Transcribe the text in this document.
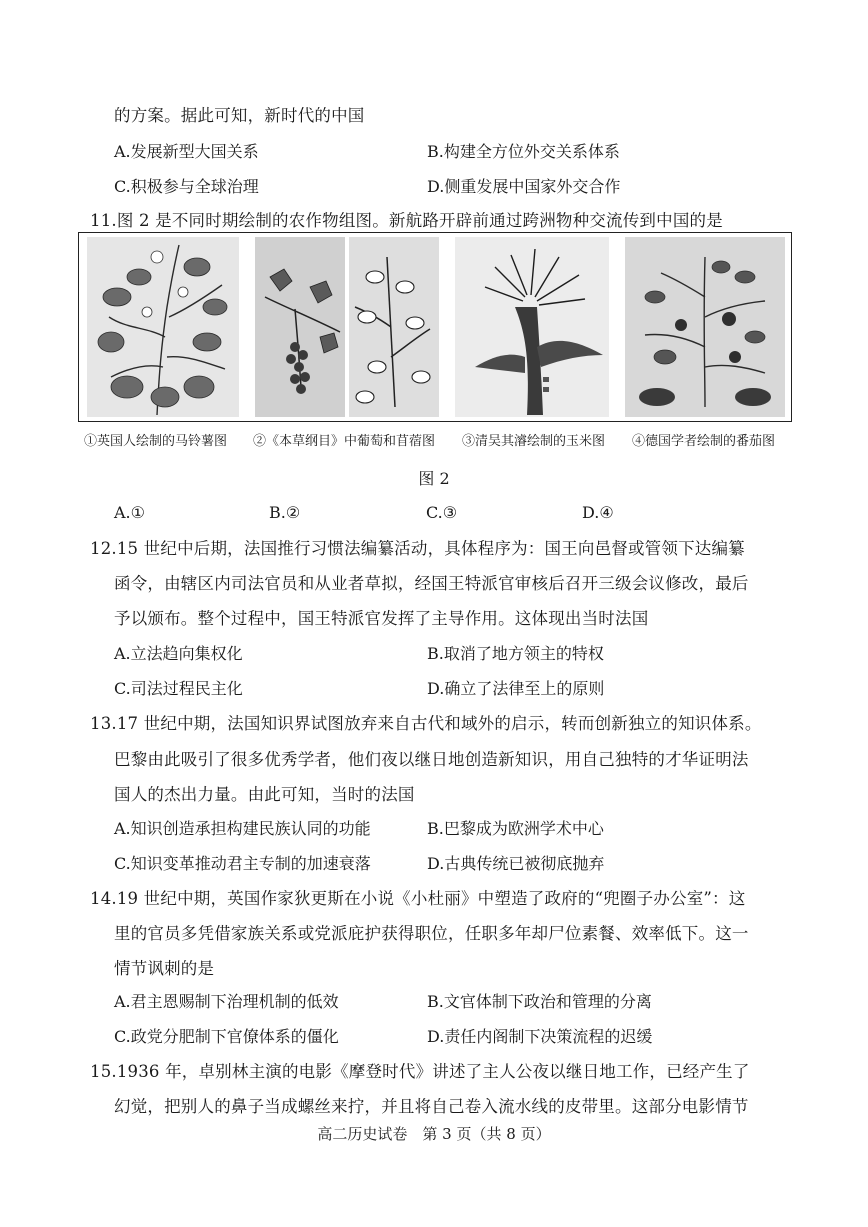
的方案。据此可知，新时代的中国
A.发展新型大国关系	B.构建全方位外交关系体系
C.积极参与全球治理	D.侧重发展中国家外交合作
11.图 2 是不同时期绘制的农作物组图。新航路开辟前通过跨洲物种交流传到中国的是
①英国人绘制的马铃薯图 ②《本草纲目》中葡萄和苜蓿图 ③清吴其濬绘制的玉米图 ④德国学者绘制的番茄图
图 2
A.①	B.②	C.③	D.④
12.15 世纪中后期，法国推行习惯法编纂活动，具体程序为：国王向邑督或管领下达编纂
函令，由辖区内司法官员和从业者草拟，经国王特派官审核后召开三级会议修改，最后
予以颁布。整个过程中，国王特派官发挥了主导作用。这体现出当时法国
A.立法趋向集权化	B.取消了地方领主的特权
C.司法过程民主化	D.确立了法律至上的原则
13.17 世纪中期，法国知识界试图放弃来自古代和域外的启示，转而创新独立的知识体系。
巴黎由此吸引了很多优秀学者，他们夜以继日地创造新知识，用自己独特的才华证明法
国人的杰出力量。由此可知，当时的法国
A.知识创造承担构建民族认同的功能	B.巴黎成为欧洲学术中心
C.知识变革推动君主专制的加速衰落	D.古典传统已被彻底抛弃
14.19 世纪中期，英国作家狄更斯在小说《小杜丽》中塑造了政府的“兜圈子办公室”：这
里的官员多凭借家族关系或党派庇护获得职位，任职多年却尸位素餐、效率低下。这一
情节讽刺的是
A.君主恩赐制下治理机制的低效	B.文官体制下政治和管理的分离
C.政党分肥制下官僚体系的僵化	D.责任内阁制下决策流程的迟缓
15.1936 年，卓别林主演的电影《摩登时代》讲述了主人公夜以继日地工作，已经产生了
幻觉，把别人的鼻子当成螺丝来拧，并且将自己卷入流水线的皮带里。这部分电影情节
高二历史试卷　第 3 页（共 8 页）
